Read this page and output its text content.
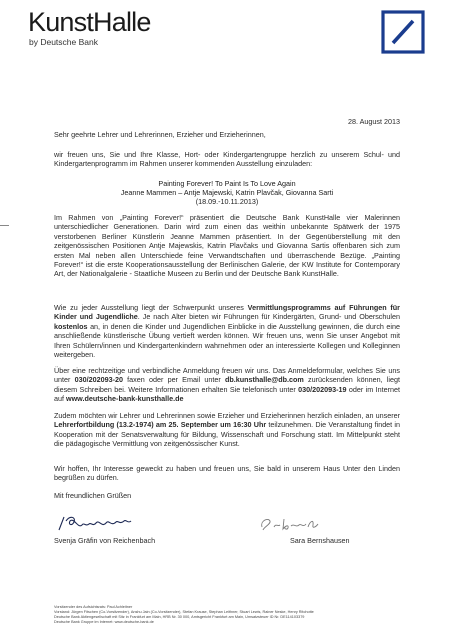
KunstHalle
by Deutsche Bank
28. August 2013
Sehr geehrte Lehrer und Lehrerinnen, Erzieher und Erzieherinnen,
wir freuen uns, Sie und Ihre Klasse, Hort- oder Kindergartengruppe herzlich zu unserem Schul- und Kindergartenprogramm im Rahmen unserer kommenden Ausstellung einzuladen:
Painting Forever! To Paint Is To Love Again
Jeanne Mammen – Antje Majewski, Katrin Plavčak, Giovanna Sarti
(18.09.-10.11.2013)
Im Rahmen von „Painting Forever!“ präsentiert die Deutsche Bank KunstHalle vier Malerinnen unterschiedlicher Generationen. Darin wird zum einen das weithin unbekannte Spätwerk der 1975 verstorbenen Berliner Künstlerin Jeanne Mammen präsentiert. In der Gegenüberstellung mit den zeitgenössischen Positionen Antje Majewskis, Katrin Plavčaks und Giovanna Sartis offenbaren sich zum ersten Mal neben allen Unterschiede feine Verwandtschaften und überraschende Bezüge. „Painting Forever!“ ist die erste Kooperationsausstellung der Berlinischen Galerie, der KW Institute for Contemporary Art, der Nationalgalerie - Staatliche Museen zu Berlin und der Deutsche Bank KunstHalle.
Wie zu jeder Ausstellung liegt der Schwerpunkt unseres Vermittlungsprogramms auf Führungen für Kinder und Jugendliche. Je nach Alter bieten wir Führungen für Kindergärten, Grund- und Oberschulen kostenlos an, in denen die Kinder und Jugendlichen Einblicke in die Ausstellung gewinnen, die durch eine anschließende künstlerische Übung vertieft werden können. Wir freuen uns, wenn Sie unser Angebot mit Ihren Schülern/innen und Kindergartenkindern wahrnehmen oder an interessierte Kollegen und Kolleginnen weitergeben.
Über eine rechtzeitige und verbindliche Anmeldung freuen wir uns. Das Anmeldeformular, welches Sie uns unter 030/202093-20 faxen oder per Email unter db.kunsthalle@db.com zurücksenden können, liegt diesem Schreiben bei. Weitere Informationen erhalten Sie telefonisch unter 030/202093-19 oder im Internet auf www.deutsche-bank-kunsthalle.de
Zudem möchten wir Lehrer und Lehrerinnen sowie Erzieher und Erzieherinnen herzlich einladen, an unserer Lehrerfortbildung (13.2-1974) am 25. September um 16:30 Uhr teilzunehmen. Die Veranstaltung findet in Kooperation mit der Senatsverwaltung für Bildung, Wissenschaft und Forschung statt. Im Mittelpunkt steht die pädagogische Vermittlung von zeitgenössischer Kunst.
Wir hoffen, Ihr Interesse geweckt zu haben und freuen uns, Sie bald in unserem Haus Unter den Linden begrüßen zu dürfen.
Mit freundlichen Grüßen
Svenja Gräfin von Reichenbach	Sara Bernshausen
Vorsitzender des Aufsichtsrats: Paul Achleitner
Vorstand: Jürgen Fitschen (Co-Vorsitzender), Anshu Jain (Co-Vorsitzender), Stefan Krause, Stephan Leithner, Stuart Lewis, Rainer Neske, Henry Ritchotte
Deutsche Bank Aktiengesellschaft mit Sitz in Frankfurt am Main, HRB Nr. 30 000, Amtsgericht Frankfurt am Main, Umsatzsteuer ID Nr. DE114103379
Deutsche Bank Gruppe im Internet: www.deutsche-bank.de
